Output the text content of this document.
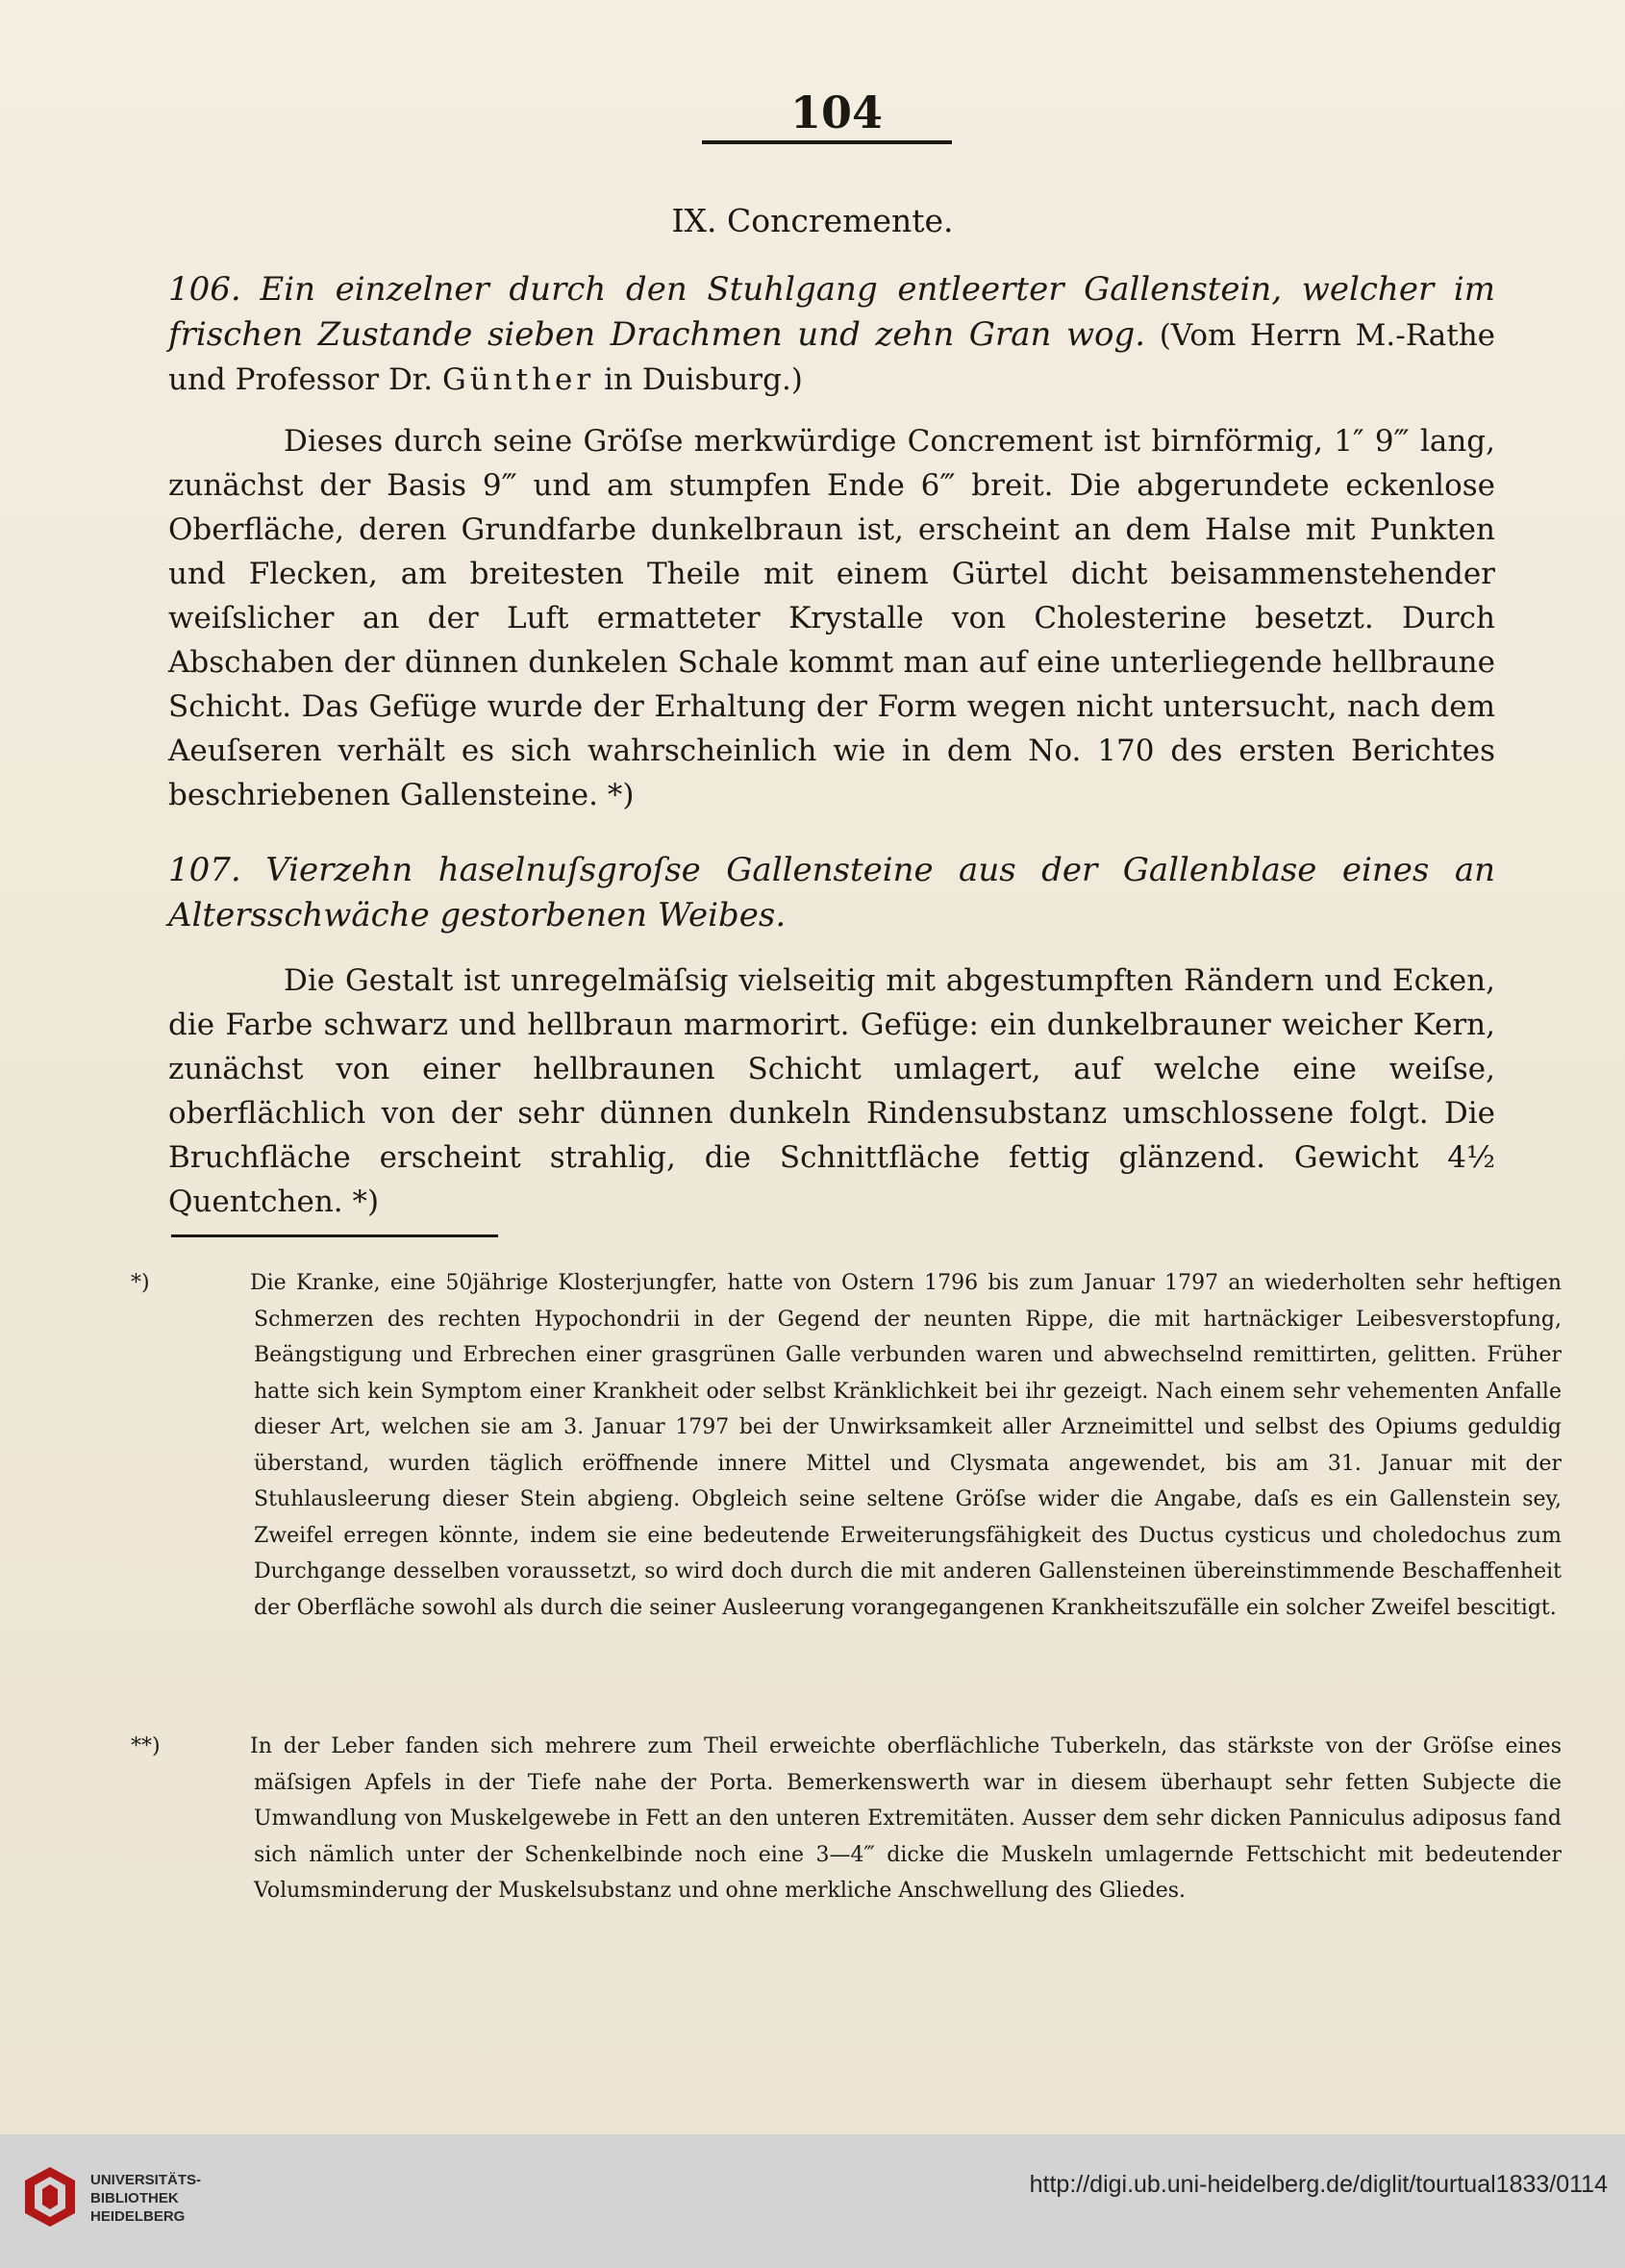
104
IX. Concremente.
106. Ein einzelner durch den Stuhlgang entleerter Gallenstein, welcher im frischen Zustande sieben Drachmen und zehn Gran wog. (Vom Herrn M.-Rathe und Professor Dr. Günther in Duisburg.)
Dieses durch seine Gröſse merkwürdige Concrement ist birnförmig, 1″ 9‴ lang, zunächst der Basis 9‴ und am stumpfen Ende 6‴ breit. Die abgerundete eckenlose Oberfläche, deren Grundfarbe dunkelbraun ist, erscheint an dem Halse mit Punkten und Flecken, am breitesten Theile mit einem Gürtel dicht beisammenstehender weiſslicher an der Luft ermatteter Krystalle von Cholesterine besetzt. Durch Abschaben der dünnen dunkelen Schale kommt man auf eine unterliegende hellbraune Schicht. Das Gefüge wurde der Erhaltung der Form wegen nicht untersucht, nach dem Aeuſseren verhält es sich wahrscheinlich wie in dem No. 170 des ersten Berichtes beschriebenen Gallensteine. *)
107. Vierzehn haselnuſsgroſse Gallensteine aus der Gallenblase eines an Altersschwäche gestorbenen Weibes.
Die Gestalt ist unregelmäſsig vielseitig mit abgestumpften Rändern und Ecken, die Farbe schwarz und hellbraun marmorirt. Gefüge: ein dunkelbrauner weicher Kern, zunächst von einer hellbraunen Schicht umlagert, auf welche eine weiſse, oberflächlich von der sehr dünnen dunkeln Rindensubstanz umschlossene folgt. Die Bruchfläche erscheint strahlig, die Schnittfläche fettig glänzend. Gewicht 4½ Quentchen. *)
*)	Die Kranke, eine 50jährige Klosterjungfer, hatte von Ostern 1796 bis zum Januar 1797 an wiederholten sehr heftigen Schmerzen des rechten Hypochondrii in der Gegend der neunten Rippe, die mit hartnäckiger Leibesverstopfung, Beängstigung und Erbrechen einer grasgrünen Galle verbunden waren und abwechselnd remittirten, gelitten. Früher hatte sich kein Symptom einer Krankheit oder selbst Kränklichkeit bei ihr gezeigt. Nach einem sehr vehementen Anfalle dieser Art, welchen sie am 3. Januar 1797 bei der Unwirksamkeit aller Arzneimittel und selbst des Opiums geduldig überstand, wurden täglich eröffnende innere Mittel und Clysmata angewendet, bis am 31. Januar mit der Stuhlausleerung dieser Stein abgieng. Obgleich seine seltene Gröſse wider die Angabe, daſs es ein Gallenstein sey, Zweifel erregen könnte, indem sie eine bedeutende Erweiterungsfähigkeit des Ductus cysticus und choledochus zum Durchgange desselben voraussetzt, so wird doch durch die mit anderen Gallensteinen übereinstimmende Beschaffenheit der Oberfläche sowohl als durch die seiner Ausleerung vorangegangenen Krankheitszufälle ein solcher Zweifel bescitigt.
**)	In der Leber fanden sich mehrere zum Theil erweichte oberflächliche Tuberkeln, das stärkste von der Gröſse eines mäſsigen Apfels in der Tiefe nahe der Porta. Bemerkenswerth war in diesem überhaupt sehr fetten Subjecte die Umwandlung von Muskelgewebe in Fett an den unteren Extremitäten. Ausser dem sehr dicken Panniculus adiposus fand sich nämlich unter der Schenkelbinde noch eine 3—4‴ dicke die Muskeln umlagernde Fettschicht mit bedeutender Volumsminderung der Muskelsubstanz und ohne merkliche Anschwellung des Gliedes.
UNIVERSITÄTS-
BIBLIOTHEK
HEIDELBERG
http://digi.ub.uni-heidelberg.de/diglit/tourtual1833/0114
